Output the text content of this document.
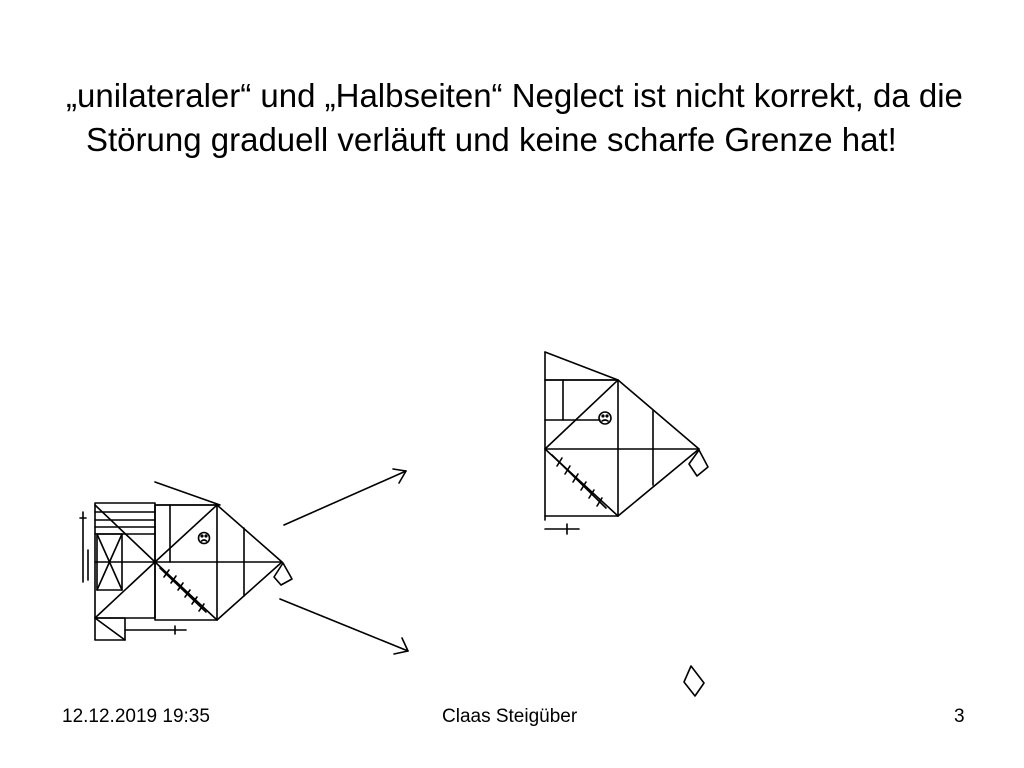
„unilateraler“ und „Halbseiten“ Neglect ist nicht korrekt, da die Störung graduell verläuft und keine scharfe Grenze hat!

12.12.2019 19:35	Claas Steigüber	3
